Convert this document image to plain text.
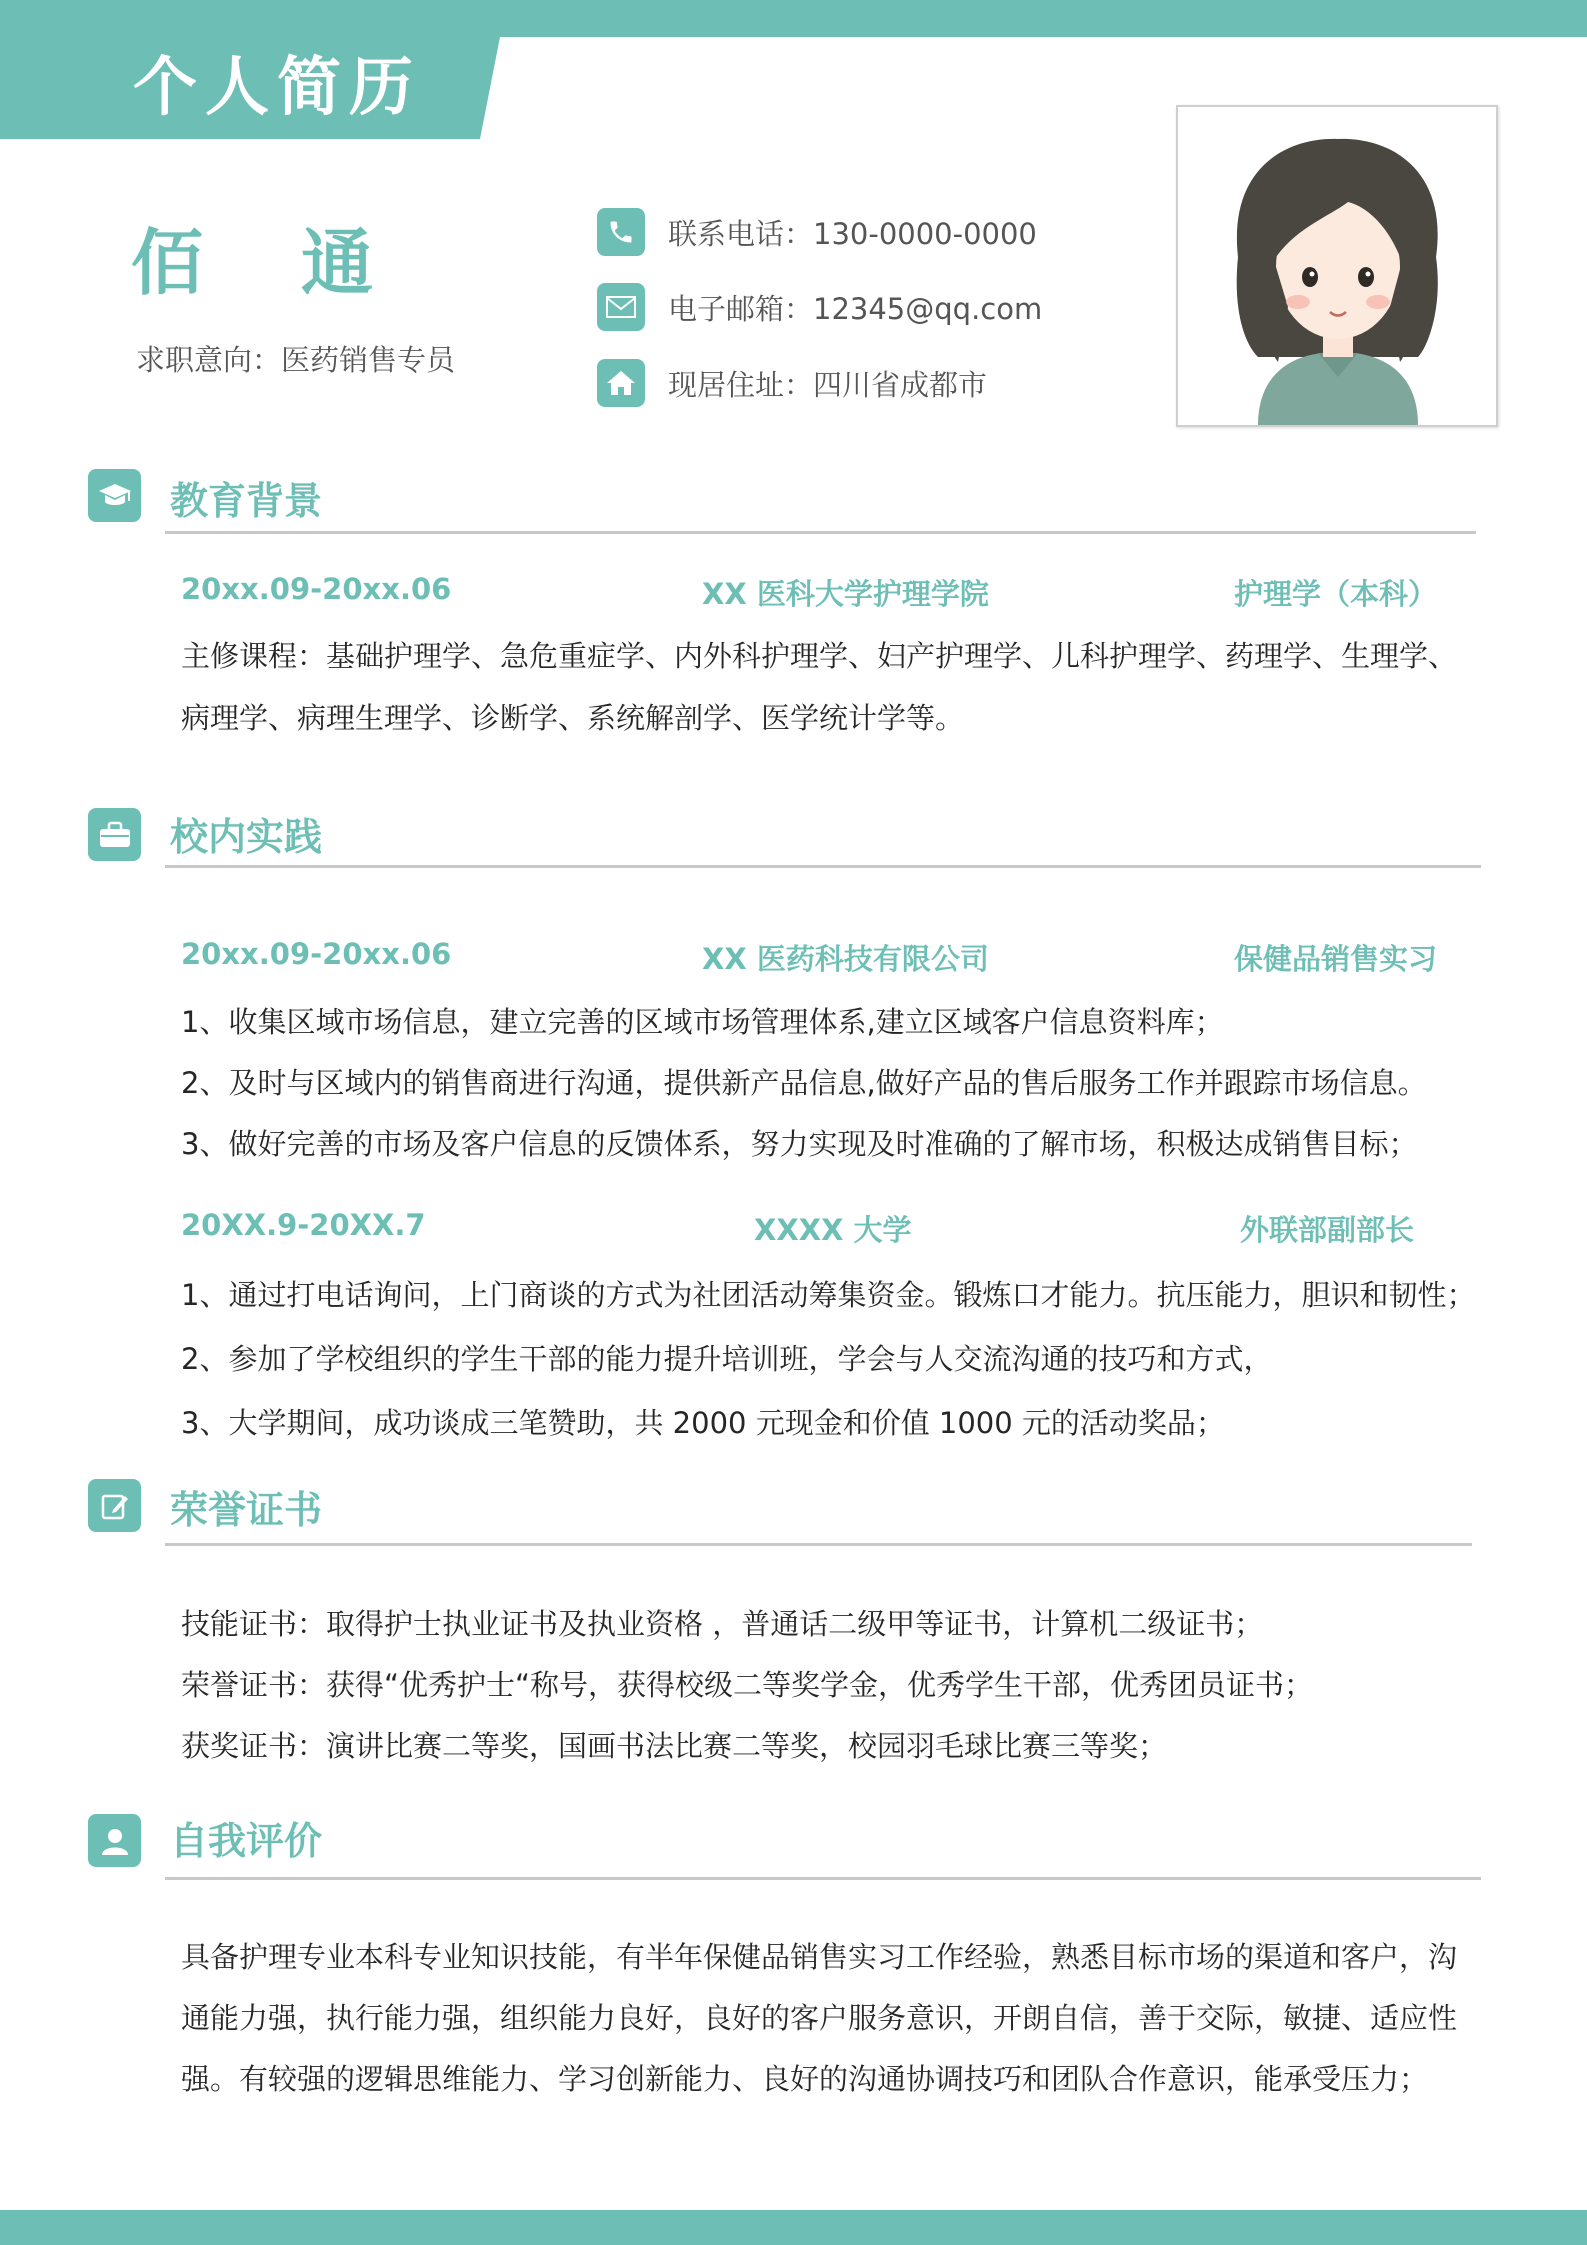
个人简历
佰 通
求职意向：医药销售专员
联系电话：130-0000-0000
电子邮箱：12345@qq.com
现居住址：四川省成都市
教育背景
20xx.09-20xx.06	XX 医科大学护理学院	护理学（本科）
主修课程：基础护理学、急危重症学、内外科护理学、妇产护理学、儿科护理学、药理学、生理学、
病理学、病理生理学、诊断学、系统解剖学、医学统计学等。
校内实践
20xx.09-20xx.06	XX 医药科技有限公司	保健品销售实习
1、收集区域市场信息，建立完善的区域市场管理体系,建立区域客户信息资料库；
2、及时与区域内的销售商进行沟通，提供新产品信息,做好产品的售后服务工作并跟踪市场信息。
3、做好完善的市场及客户信息的反馈体系，努力实现及时准确的了解市场，积极达成销售目标；
20XX.9-20XX.7	XXXX 大学	外联部副部长
1、通过打电话询问，上门商谈的方式为社团活动筹集资金。锻炼口才能力。抗压能力，胆识和韧性；
2、参加了学校组织的学生干部的能力提升培训班，学会与人交流沟通的技巧和方式，
3、大学期间，成功谈成三笔赞助，共 2000 元现金和价值 1000 元的活动奖品；
荣誉证书
技能证书：取得护士执业证书及执业资格 ，普通话二级甲等证书，计算机二级证书；
荣誉证书：获得“优秀护士“称号，获得校级二等奖学金，优秀学生干部，优秀团员证书；
获奖证书：演讲比赛二等奖，国画书法比赛二等奖，校园羽毛球比赛三等奖；
自我评价
具备护理专业本科专业知识技能，有半年保健品销售实习工作经验，熟悉目标市场的渠道和客户，沟
通能力强，执行能力强，组织能力良好，良好的客户服务意识，开朗自信，善于交际，敏捷、适应性
强。有较强的逻辑思维能力、学习创新能力、良好的沟通协调技巧和团队合作意识，能承受压力；
